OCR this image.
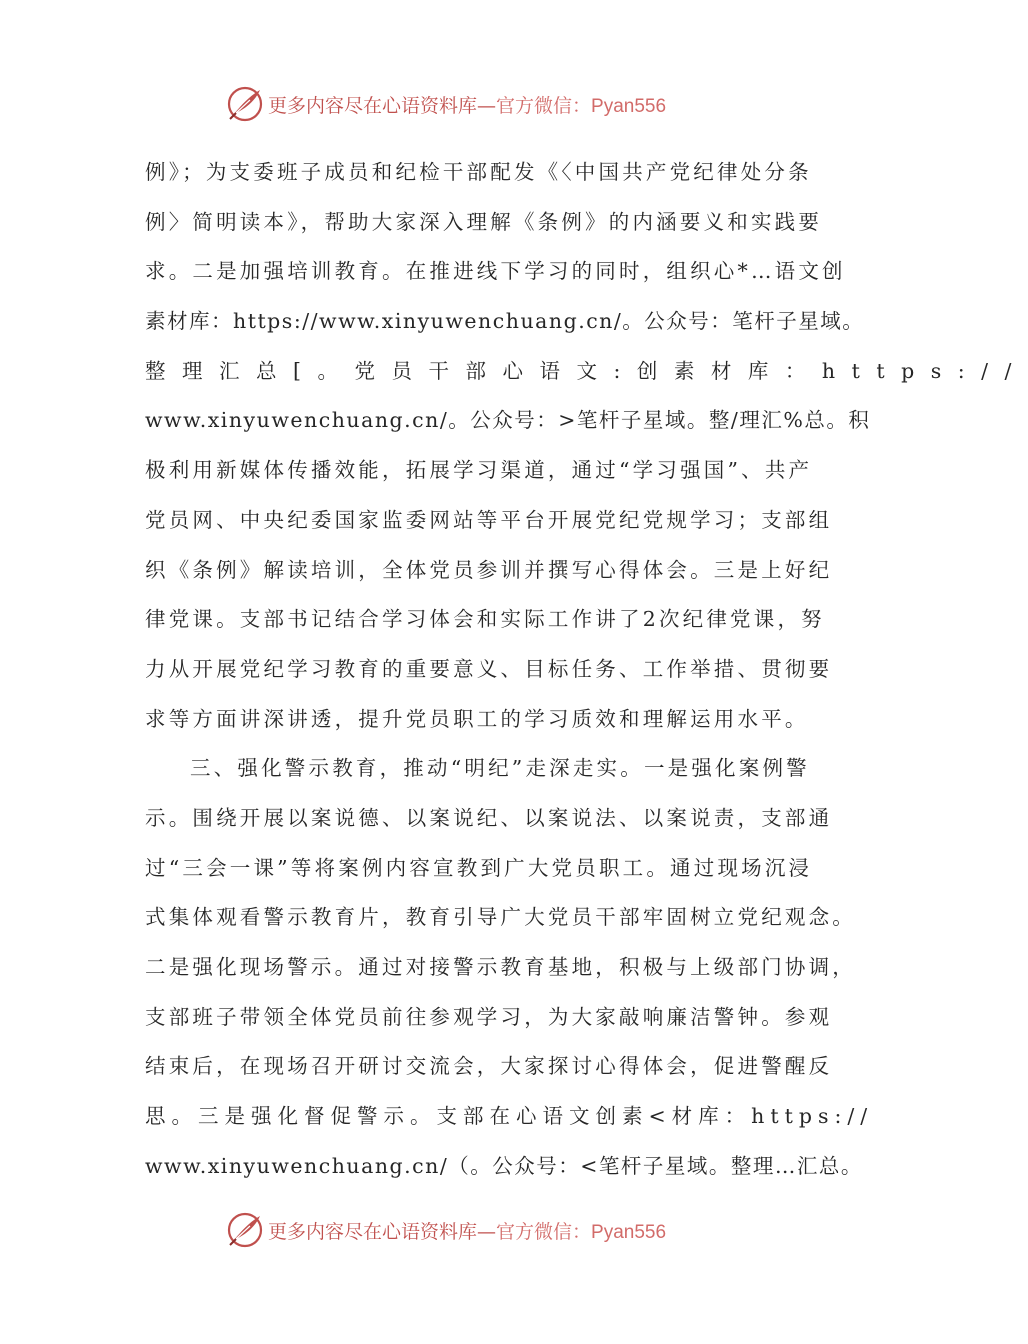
更多内容尽在心语资料库—官方微信：Pyan556
例》；为支委班子成员和纪检干部配发《〈中国共产党纪律处分条
例〉简明读本》，帮助大家深入理解《条例》的内涵要义和实践要
求。二是加强培训教育。在推进线下学习的同时，组织心*…语文创
素材库：https://www.xinyuwenchuang.cn/。公众号：笔杆子星域。
整理汇总[。党员干部心语文:创素材库：https://
www.xinyuwenchuang.cn/。公众号：>笔杆子星域。整/理汇%总。积
极利用新媒体传播效能，拓展学习渠道，通过“学习强国”、共产
党员网、中央纪委国家监委网站等平台开展党纪党规学习；支部组
织《条例》解读培训，全体党员参训并撰写心得体会。三是上好纪
律党课。支部书记结合学习体会和实际工作讲了2次纪律党课，努
力从开展党纪学习教育的重要意义、目标任务、工作举措、贯彻要
求等方面讲深讲透，提升党员职工的学习质效和理解运用水平。
三、强化警示教育，推动“明纪”走深走实。一是强化案例警
示。围绕开展以案说德、以案说纪、以案说法、以案说责，支部通
过“三会一课”等将案例内容宣教到广大党员职工。通过现场沉浸
式集体观看警示教育片，教育引导广大党员干部牢固树立党纪观念。
二是强化现场警示。通过对接警示教育基地，积极与上级部门协调，
支部班子带领全体党员前往参观学习，为大家敲响廉洁警钟。参观
结束后，在现场召开研讨交流会，大家探讨心得体会，促进警醒反
思。三是强化督促警示。支部在心语文创素<材库：https://
www.xinyuwenchuang.cn/（。公众号：<笔杆子星域。整理…汇总。
更多内容尽在心语资料库—官方微信：Pyan556
